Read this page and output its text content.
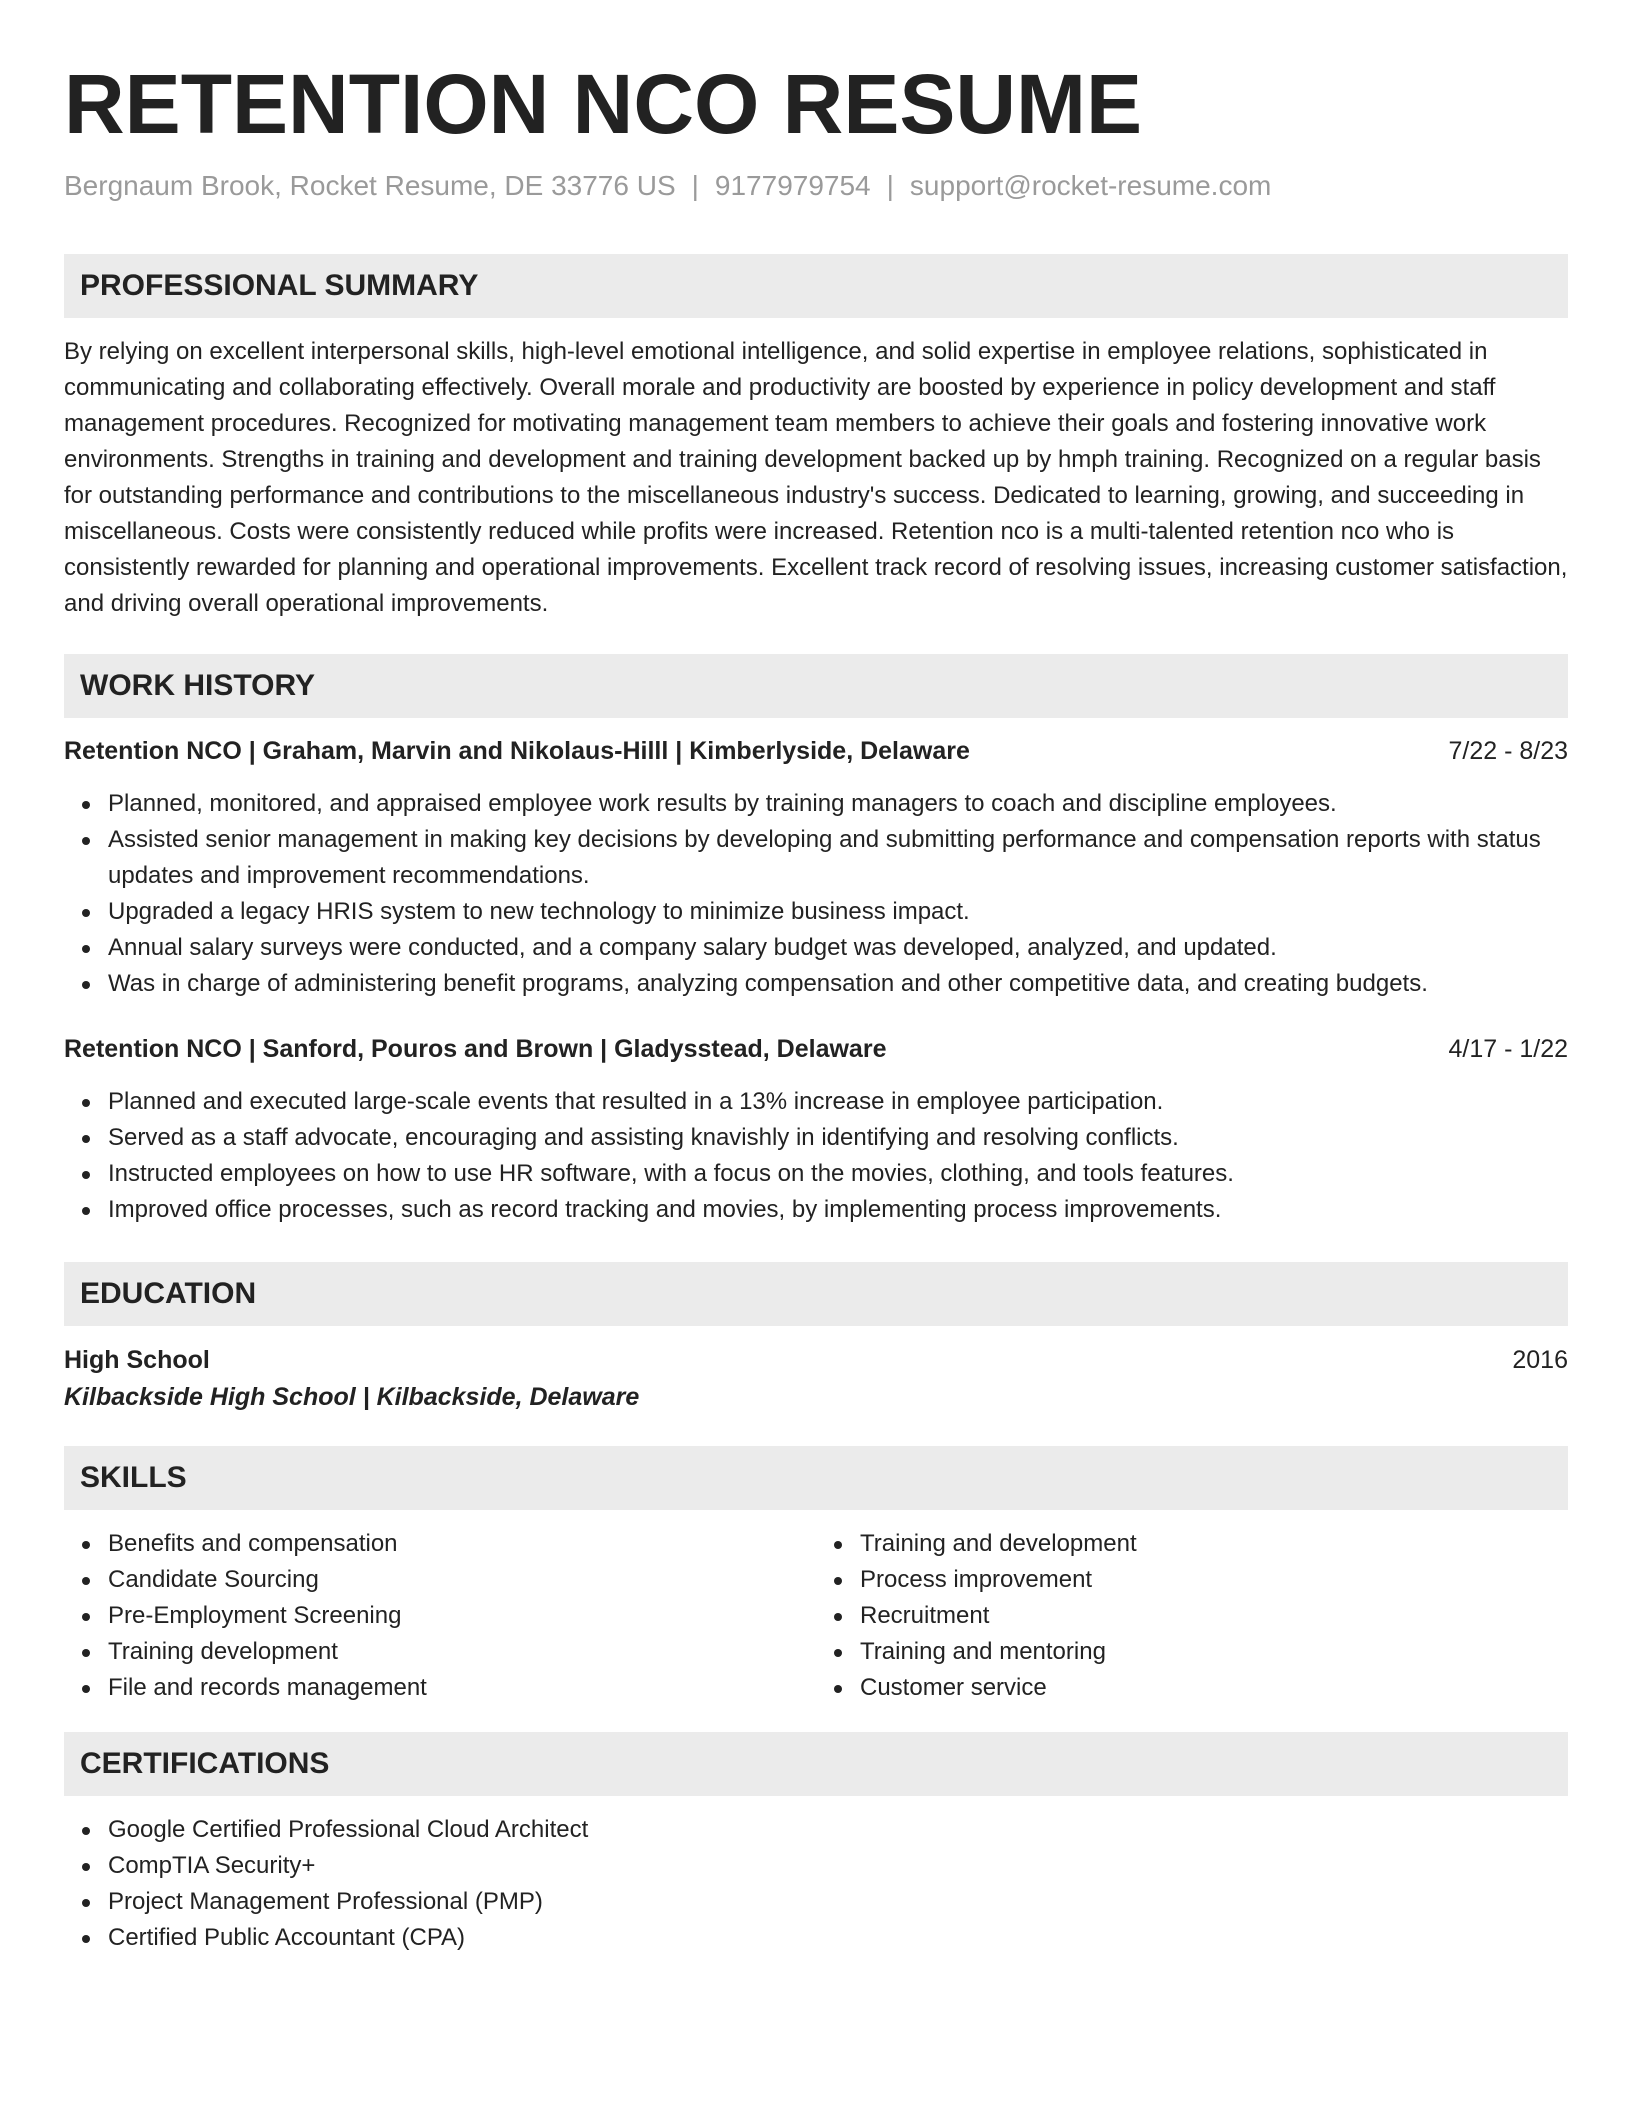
RETENTION NCO RESUME
Bergnaum Brook, Rocket Resume, DE 33776 US | 9177979754 | support@rocket-resume.com
PROFESSIONAL SUMMARY
By relying on excellent interpersonal skills, high-level emotional intelligence, and solid expertise in employee relations, sophisticated in communicating and collaborating effectively. Overall morale and productivity are boosted by experience in policy development and staff management procedures. Recognized for motivating management team members to achieve their goals and fostering innovative work environments. Strengths in training and development and training development backed up by hmph training. Recognized on a regular basis for outstanding performance and contributions to the miscellaneous industry's success. Dedicated to learning, growing, and succeeding in miscellaneous. Costs were consistently reduced while profits were increased. Retention nco is a multi-talented retention nco who is consistently rewarded for planning and operational improvements. Excellent track record of resolving issues, increasing customer satisfaction, and driving overall operational improvements.
WORK HISTORY
Retention NCO | Graham, Marvin and Nikolaus-Hilll | Kimberlyside, Delaware	7/22 - 8/23
Planned, monitored, and appraised employee work results by training managers to coach and discipline employees.
Assisted senior management in making key decisions by developing and submitting performance and compensation reports with status updates and improvement recommendations.
Upgraded a legacy HRIS system to new technology to minimize business impact.
Annual salary surveys were conducted, and a company salary budget was developed, analyzed, and updated.
Was in charge of administering benefit programs, analyzing compensation and other competitive data, and creating budgets.
Retention NCO | Sanford, Pouros and Brown | Gladysstead, Delaware	4/17 - 1/22
Planned and executed large-scale events that resulted in a 13% increase in employee participation.
Served as a staff advocate, encouraging and assisting knavishly in identifying and resolving conflicts.
Instructed employees on how to use HR software, with a focus on the movies, clothing, and tools features.
Improved office processes, such as record tracking and movies, by implementing process improvements.
EDUCATION
High School	2016
Kilbackside High School | Kilbackside, Delaware
SKILLS
Benefits and compensation
Candidate Sourcing
Pre-Employment Screening
Training development
File and records management
Training and development
Process improvement
Recruitment
Training and mentoring
Customer service
CERTIFICATIONS
Google Certified Professional Cloud Architect
CompTIA Security+
Project Management Professional (PMP)
Certified Public Accountant (CPA)
